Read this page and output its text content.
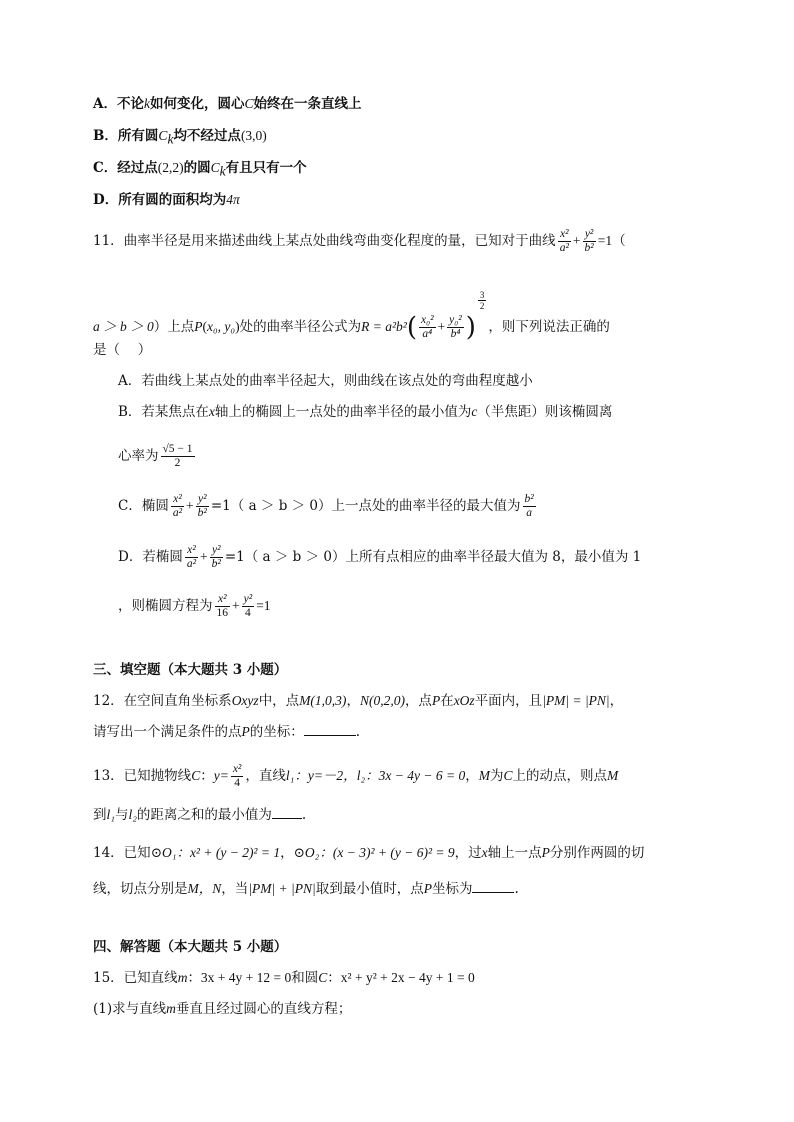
A．不论k如何变化，圆心C始终在一条直线上
B．所有圆$C_k$均不经过点(3,0)
C．经过点(2,2)的圆$C_k$有且只有一个
D．所有圆的面积均为4π
11．曲率半径是用来描述曲线上某点处曲线弯曲变化程度的量，已知对于曲线 $\frac{\text{x²}}{\text{a²}} + \frac{\text{y²}}{\text{b²}} =1$（
a ＞ b ＞ 0）上点P(x₀, y₀)处的曲率半径公式为$R = a^2b^2( \frac{\text{x₀²}}{\text{a⁴}} + \frac{\text{y₀²}}{\text{b⁴}}$ )
$\frac{3}{2}$
，则下列说法正确的
是（　 ）
A．若曲线上某点处的曲率半径起大，则曲线在该点处的弯曲程度越小
B．若某焦点在x轴上的椭圆上一点处的曲率半径的最小值为c（半焦距）则该椭圆离
心率为 $\frac{√5 - 1}{2}$
C．椭圆 $\frac{\text{x²}}{\text{a²}} + \frac{\text{y²}}{\text{b²}} =1$（ a ＞ b ＞ 0）上一点处的曲率半径的最大值为 $\frac{\text{b²}}{a}$
D．若椭圆 $\frac{\text{x²}}{\text{a²}} + \frac{\text{y²}}{\text{b²}} =1$（ a ＞ b ＞ 0）上所有点相应的曲率半径最大值为 8，最小值为 1
，则椭圆方程为 $\frac{\text{x²}}{16} + \frac{\text{y²}}{4} =1$
三、填空题（本大题共 3 小题）
12．在空间直角坐标系Oxyz中，点M(1,0,3)，N(0,2,0)，点P在xOz平面内，且|PM| = |PN|，
请写出一个满足条件的点P的坐标：	.
13．已知抛物线C：$y= \frac{\text{x²}}{4}$ ，直线l₁：y=－2，l₂：3x − 4y − 6 = 0，M为C上的动点，则点M
到l₁与l₂的距离之和的最小值为 .
14．已知⊙O₁：x² + (y − 2)² = 1，⊙O₂：(x − 3)² + (y − 6)² = 9，过x轴上一点P分别作两圆的切
线，切点分别是M，N，当|PM| + |PN|取到最小值时，点P坐标为	.
四、解答题（本大题共 5 小题）
15．已知直线m：3x + 4y + 12 = 0和圆C：x² + y² + 2x − 4y + 1 = 0
(1)求与直线m垂直且经过圆心的直线方程；
